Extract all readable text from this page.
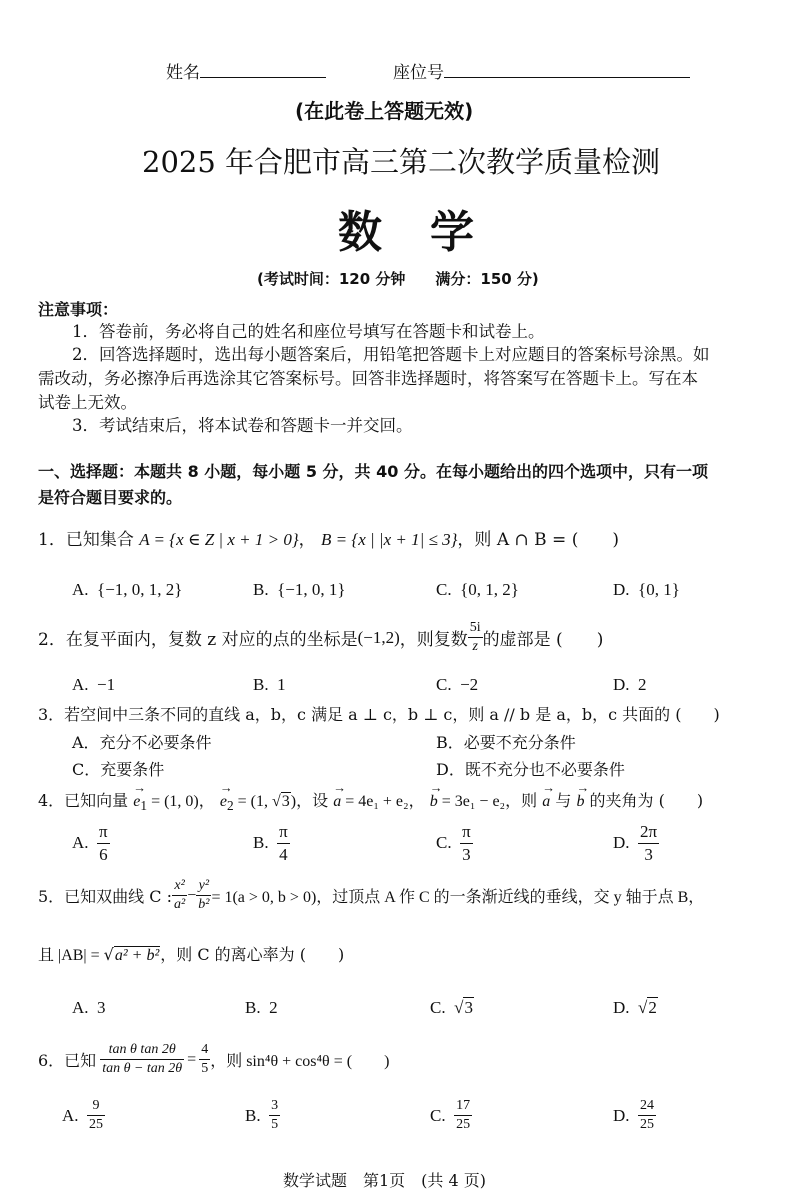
姓名	座位号
(在此卷上答题无效)
2025 年合肥市高三第二次教学质量检测
数　学
(考试时间：120 分钟　　满分：150 分)
注意事项：
1．答卷前，务必将自己的姓名和座位号填写在答题卡和试卷上。
2．回答选择题时，选出每小题答案后，用铅笔把答题卡上对应题目的答案标号涂黑。如
需改动，务必擦净后再选涂其它答案标号。回答非选择题时，将答案写在答题卡上。写在本
试卷上无效。
3．考试结束后，将本试卷和答题卡一并交回。
一、选择题：本题共 8 小题，每小题 5 分，共 40 分。在每小题给出的四个选项中，只有一项
是符合题目要求的。
1．已知集合 A = {x ∈ Z | x + 1 > 0}， B = {x | |x + 1| ≤ 3}，则 A ∩ B = (　　)
A. {−1, 0, 1, 2}	B. {−1, 0, 1}	C. {0, 1, 2}	D. {0, 1}
2．在复平面内，复数 z 对应的点的坐标是 (−1,2) ，则复数 $\frac{5i}{z}$ 的虚部是 (　　)
A. −1	B. 1	C. −2	D. 2
3．若空间中三条不同的直线 a，b，c 满足 a ⊥ c，b ⊥ c，则 a // b 是 a，b，c 共面的 (　　)
A．充分不必要条件	B．必要不充分条件
C．充要条件	D．既不充分也不必要条件
4．已知向量 → $e_1 = (1$, 0)， → $e_2 = (1$, √3)，设 → a = 4e₁ + e₂， → b = 3e₁ − e₂，则 → a 与 → b 的夹角为 (　　)
A.
$\frac{\pi}{6}$	B.
$\frac{\pi}{4}$	C.
$\frac{\pi}{3}$	D.
$\frac{2\pi}{3}$
5．已知双曲线 C : $\frac{\text{x²}}{\text{a²}} - \frac{\text{y²}}{\text{b²}} = 1(a > 0$, b > 0)，过顶点 A 作 C 的一条渐近线的垂线，交 y 轴于点 B，
且 |AB| = √a² + b²，则 C 的离心率为 (　　)
A. 3	B. 2	C.  √3	D.  √2
6．已知 $\frac{\text{tan θ tan 2θ}}{\text{tan θ − tan 2θ}} = \frac{4}{5}$ ，则 sin⁴θ + cos⁴θ = (　　)
A.
$\frac{9}{25}$	B.
$\frac{3}{5}$	C.
$\frac{17}{25}$	D.
$\frac{24}{25}$
数学试题　第1页　(共 4 页)
